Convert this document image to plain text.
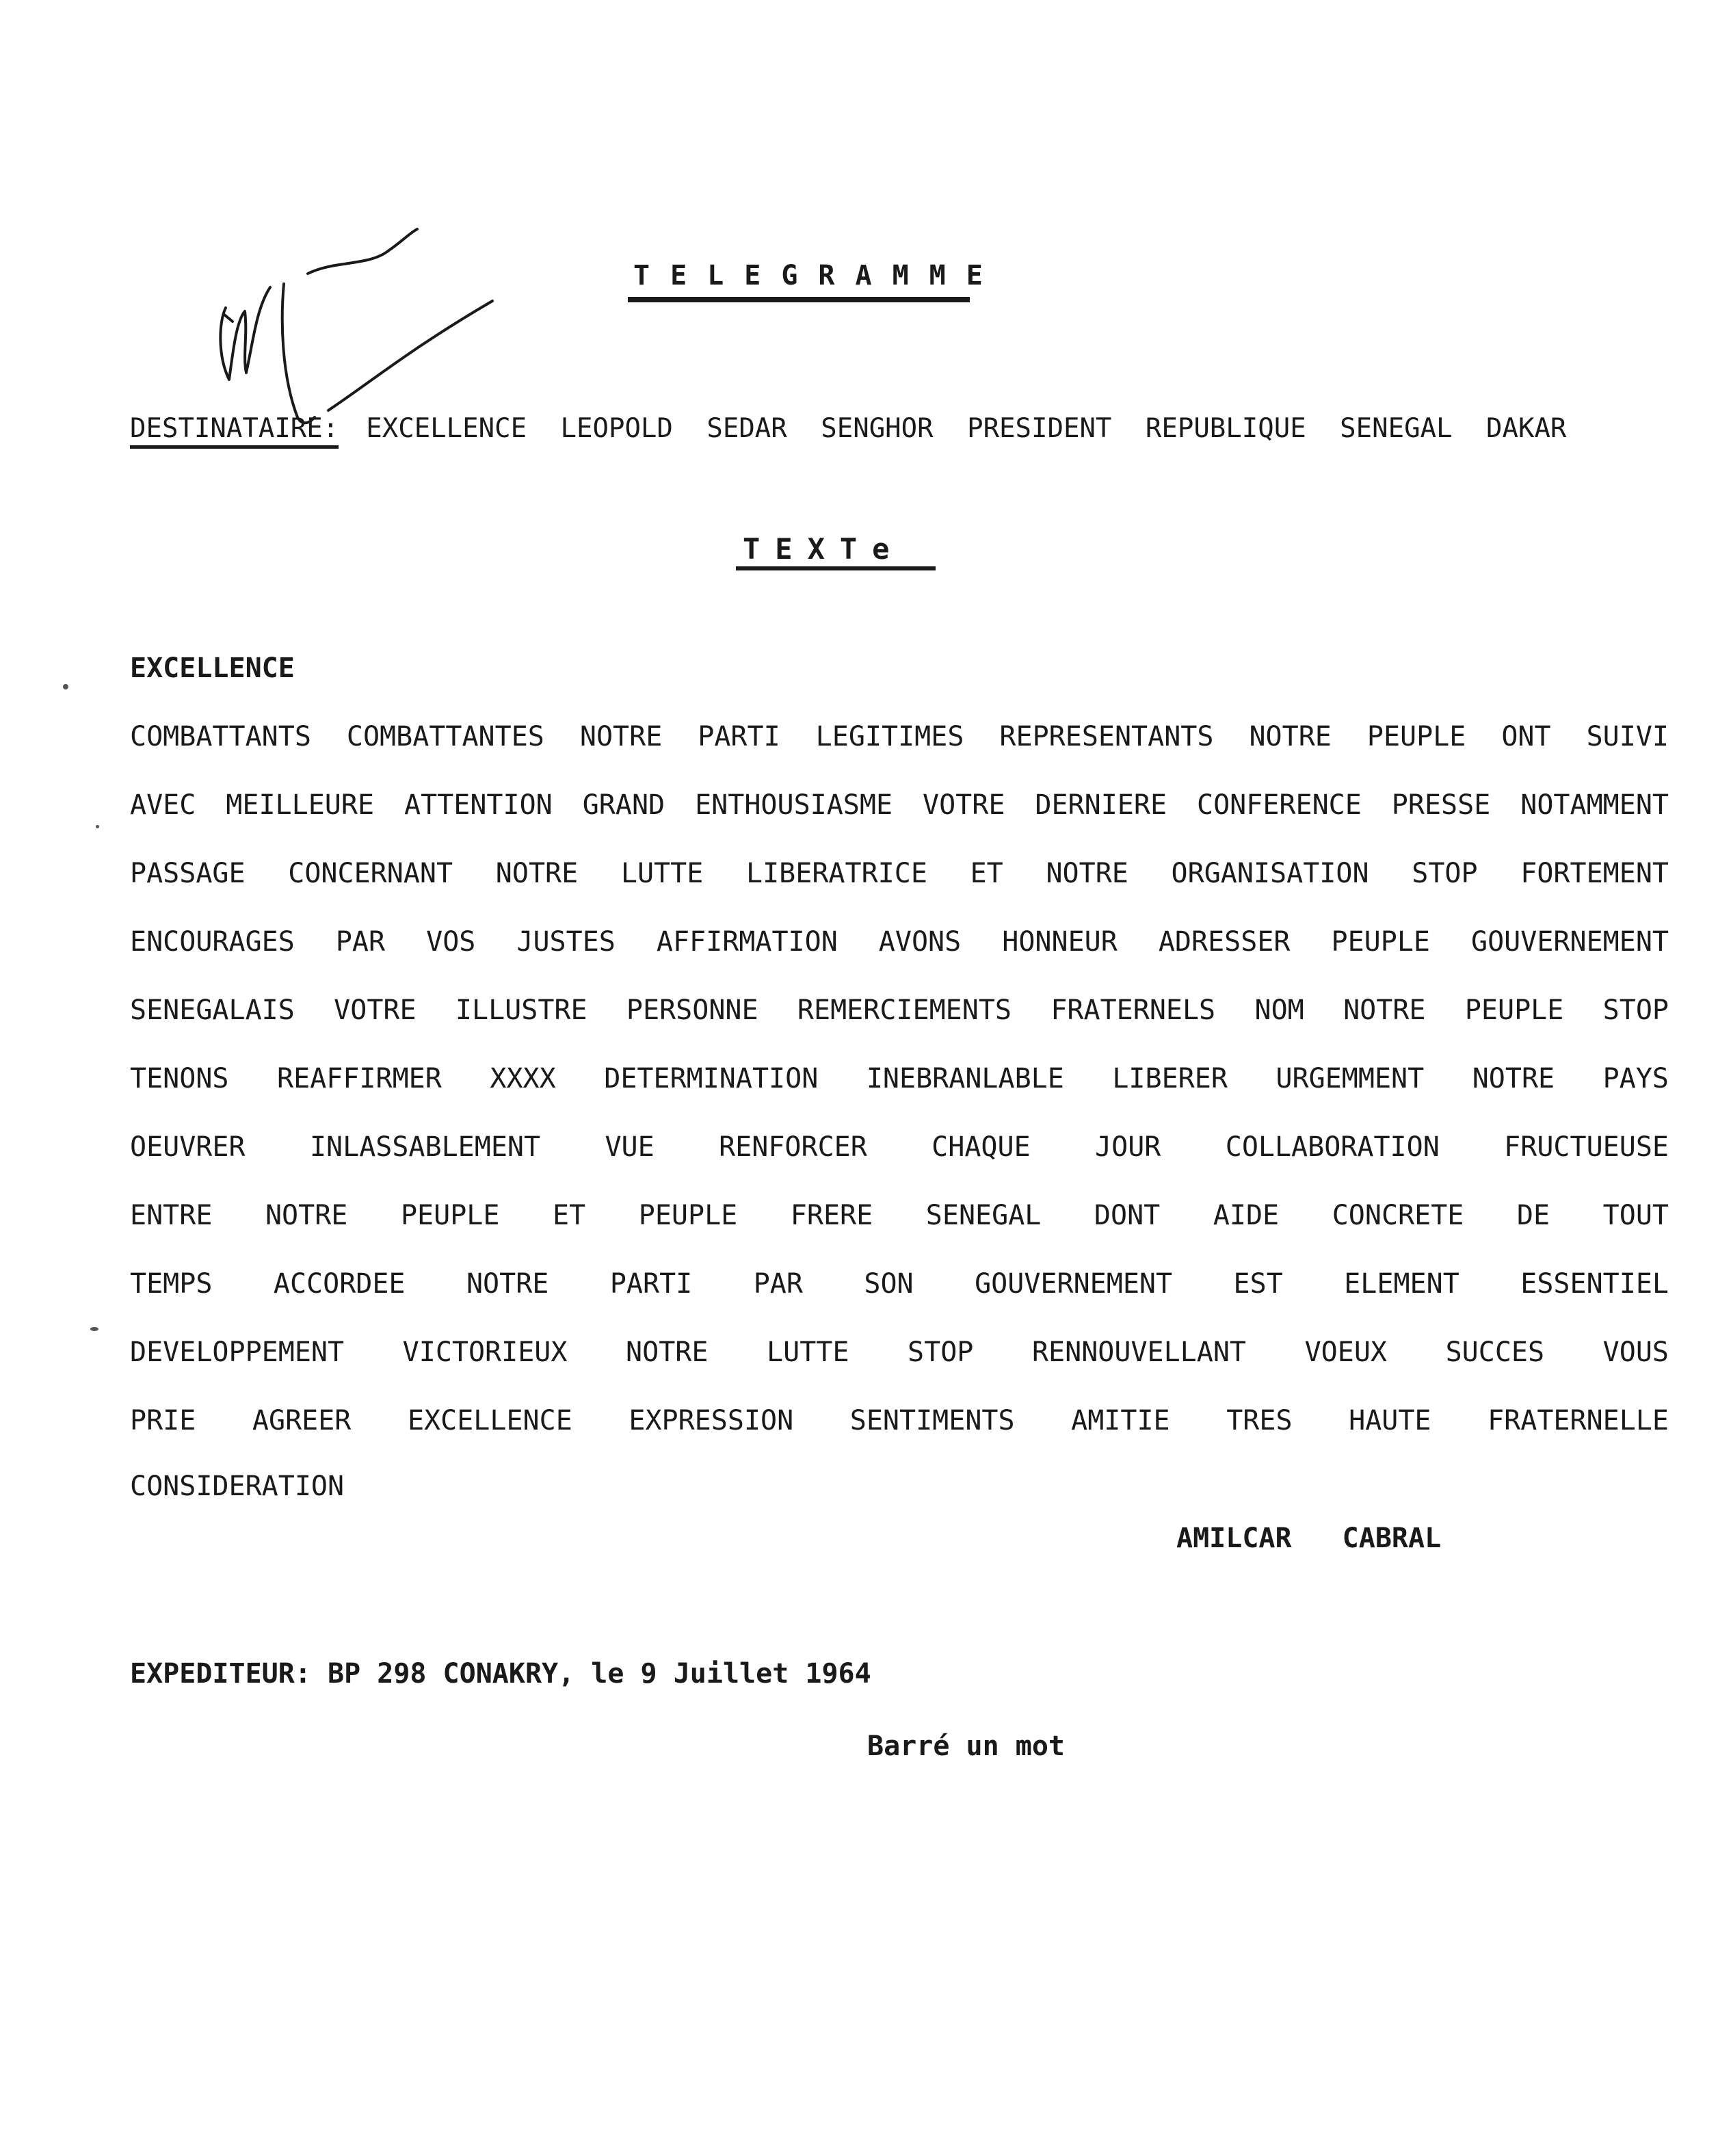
TELEGRAMME
DESTINATAIRE: EXCELLENCE LEOPOLD SEDAR SENGHOR PRESIDENT REPUBLIQUE SENEGAL DAKAR
TEXTe
EXCELLENCE
COMBATTANTS COMBATTANTES NOTRE PARTI LEGITIMES REPRESENTANTS NOTRE PEUPLE ONT SUIVI
AVEC MEILLEURE ATTENTION GRAND ENTHOUSIASME VOTRE DERNIERE CONFERENCE PRESSE NOTAMMENT
PASSAGE CONCERNANT NOTRE LUTTE LIBERATRICE ET NOTRE ORGANISATION STOP FORTEMENT
ENCOURAGES PAR VOS JUSTES AFFIRMATION AVONS HONNEUR ADRESSER PEUPLE GOUVERNEMENT
SENEGALAIS VOTRE ILLUSTRE PERSONNE REMERCIEMENTS FRATERNELS NOM NOTRE PEUPLE STOP
TENONS REAFFIRMER XXXX DETERMINATION INEBRANLABLE LIBERER URGEMMENT NOTRE PAYS
OEUVRER INLASSABLEMENT VUE RENFORCER CHAQUE JOUR COLLABORATION FRUCTUEUSE
ENTRE NOTRE PEUPLE ET PEUPLE FRERE SENEGAL DONT AIDE CONCRETE DE TOUT
TEMPS ACCORDEE NOTRE PARTI PAR SON GOUVERNEMENT EST ELEMENT ESSENTIEL
DEVELOPPEMENT VICTORIEUX NOTRE LUTTE STOP RENNOUVELLANT VOEUX SUCCES VOUS
PRIE AGREER EXCELLENCE EXPRESSION SENTIMENTS AMITIE TRES HAUTE FRATERNELLE
CONSIDERATION
AMILCAR CABRAL
EXPEDITEUR: BP 298 CONAKRY, le 9 Juillet 1964
Barré un mot
